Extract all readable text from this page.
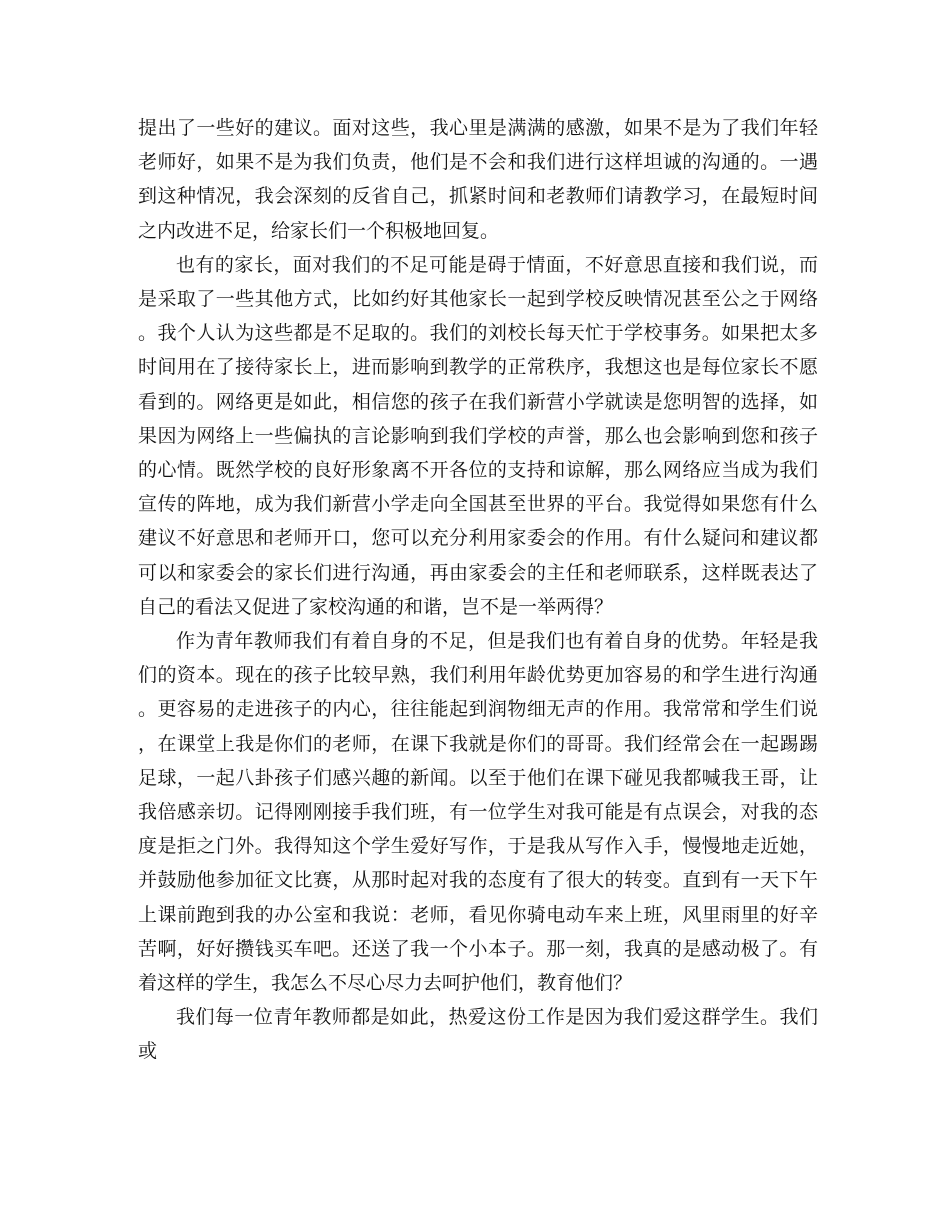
提出了一些好的建议。面对这些，我心里是满满的感激，如果不是为了我们年轻老师好，如果不是为我们负责，他们是不会和我们进行这样坦诚的沟通的。一遇到这种情况，我会深刻的反省自己，抓紧时间和老教师们请教学习，在最短时间之内改进不足，给家长们一个积极地回复。

也有的家长，面对我们的不足可能是碍于情面，不好意思直接和我们说，而是采取了一些其他方式，比如约好其他家长一起到学校反映情况甚至公之于网络。我个人认为这些都是不足取的。我们的刘校长每天忙于学校事务。如果把太多时间用在了接待家长上，进而影响到教学的正常秩序，我想这也是每位家长不愿看到的。网络更是如此，相信您的孩子在我们新营小学就读是您明智的选择，如果因为网络上一些偏执的言论影响到我们学校的声誉，那么也会影响到您和孩子的心情。既然学校的良好形象离不开各位的支持和谅解，那么网络应当成为我们宣传的阵地，成为我们新营小学走向全国甚至世界的平台。我觉得如果您有什么建议不好意思和老师开口，您可以充分利用家委会的作用。有什么疑问和建议都可以和家委会的家长们进行沟通，再由家委会的主任和老师联系，这样既表达了自己的看法又促进了家校沟通的和谐，岂不是一举两得？

作为青年教师我们有着自身的不足，但是我们也有着自身的优势。年轻是我们的资本。现在的孩子比较早熟，我们利用年龄优势更加容易的和学生进行沟通。更容易的走进孩子的内心，往往能起到润物细无声的作用。我常常和学生们说，在课堂上我是你们的老师，在课下我就是你们的哥哥。我们经常会在一起踢踢足球，一起八卦孩子们感兴趣的新闻。以至于他们在课下碰见我都喊我王哥，让我倍感亲切。记得刚刚接手我们班，有一位学生对我可能是有点误会，对我的态度是拒之门外。我得知这个学生爱好写作，于是我从写作入手，慢慢地走近她，并鼓励他参加征文比赛，从那时起对我的态度有了很大的转变。直到有一天下午上课前跑到我的办公室和我说：老师，看见你骑电动车来上班，风里雨里的好辛苦啊，好好攒钱买车吧。还送了我一个小本子。那一刻，我真的是感动极了。有着这样的学生，我怎么不尽心尽力去呵护他们，教育他们？

我们每一位青年教师都是如此，热爱这份工作是因为我们爱这群学生。我们或
